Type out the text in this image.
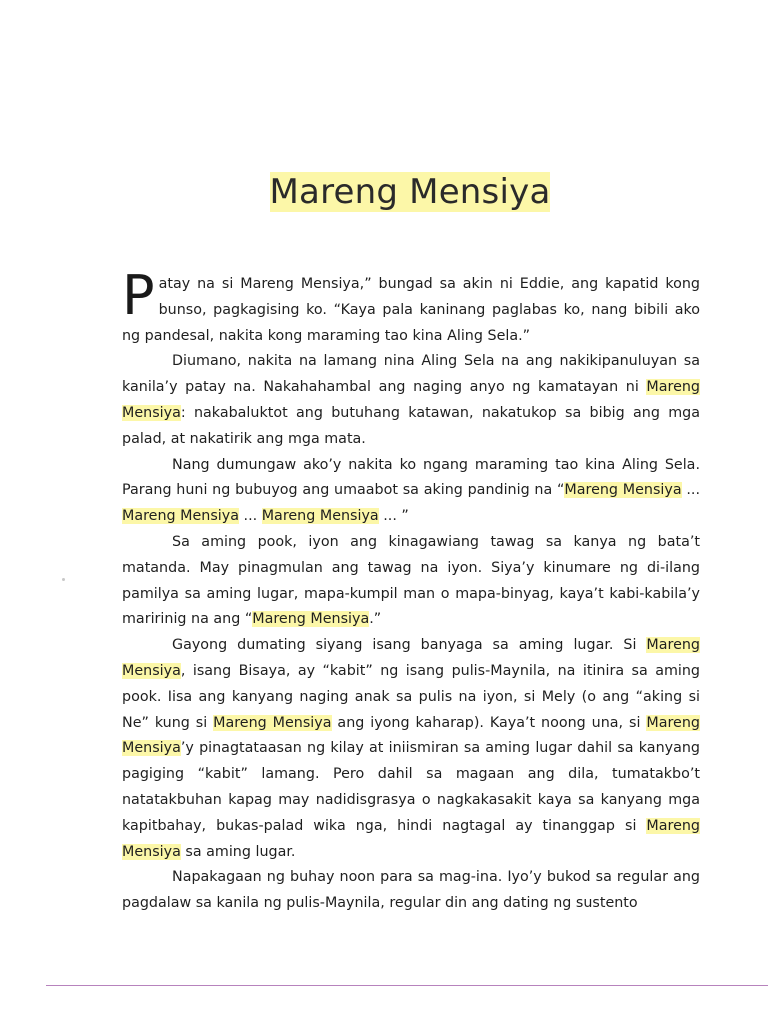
Mareng Mensiya

Patay na si Mareng Mensiya,” bungad sa akin ni Eddie, ang kapatid kong bunso, pagkagising ko. “Kaya pala kaninang paglabas ko, nang bibili ako ng pandesal, nakita kong maraming tao kina Aling Sela.”

Diumano, nakita na lamang nina Aling Sela na ang nakikipanuluyan sa kanila’y patay na. Nakahahambal ang naging anyo ng kamatayan ni Mareng Mensiya: nakabaluktot ang butuhang katawan, nakatukop sa bibig ang mga palad, at nakatirik ang mga mata.

Nang dumungaw ako’y nakita ko ngang maraming tao kina Aling Sela. Parang huni ng bubuyog ang umaabot sa aking pandinig na “Mareng Mensiya ... Mareng Mensiya ... Mareng Mensiya ... ”

Sa aming pook, iyon ang kinagawiang tawag sa kanya ng bata’t matanda. May pinagmulan ang tawag na iyon. Siya’y kinumare ng di-ilang pamilya sa aming lugar, mapa-kumpil man o mapa-binyag, kaya’t kabi-kabila’y maririnig na ang “Mareng Mensiya.”

Gayong dumating siyang isang banyaga sa aming lugar. Si Mareng Mensiya, isang Bisaya, ay “kabit” ng isang pulis-Maynila, na itinira sa aming pook. Iisa ang kanyang naging anak sa pulis na iyon, si Mely (o ang “aking si Ne” kung si Mareng Mensiya ang iyong kaharap). Kaya’t noong una, si Mareng Mensiya’y pinagtataasan ng kilay at iniismiran sa aming lugar dahil sa kanyang pagiging “kabit” lamang. Pero dahil sa magaan ang dila, tumatakbo’t natatakbuhan kapag may nadidisgrasya o nagkakasakit kaya sa kanyang mga kapitbahay, bukas-palad wika nga, hindi nagtagal ay tinanggap si Mareng Mensiya sa aming lugar.

Napakagaan ng buhay noon para sa mag-ina. Iyo’y bukod sa regular ang pagdalaw sa kanila ng pulis-Maynila, regular din ang dating ng sustento
